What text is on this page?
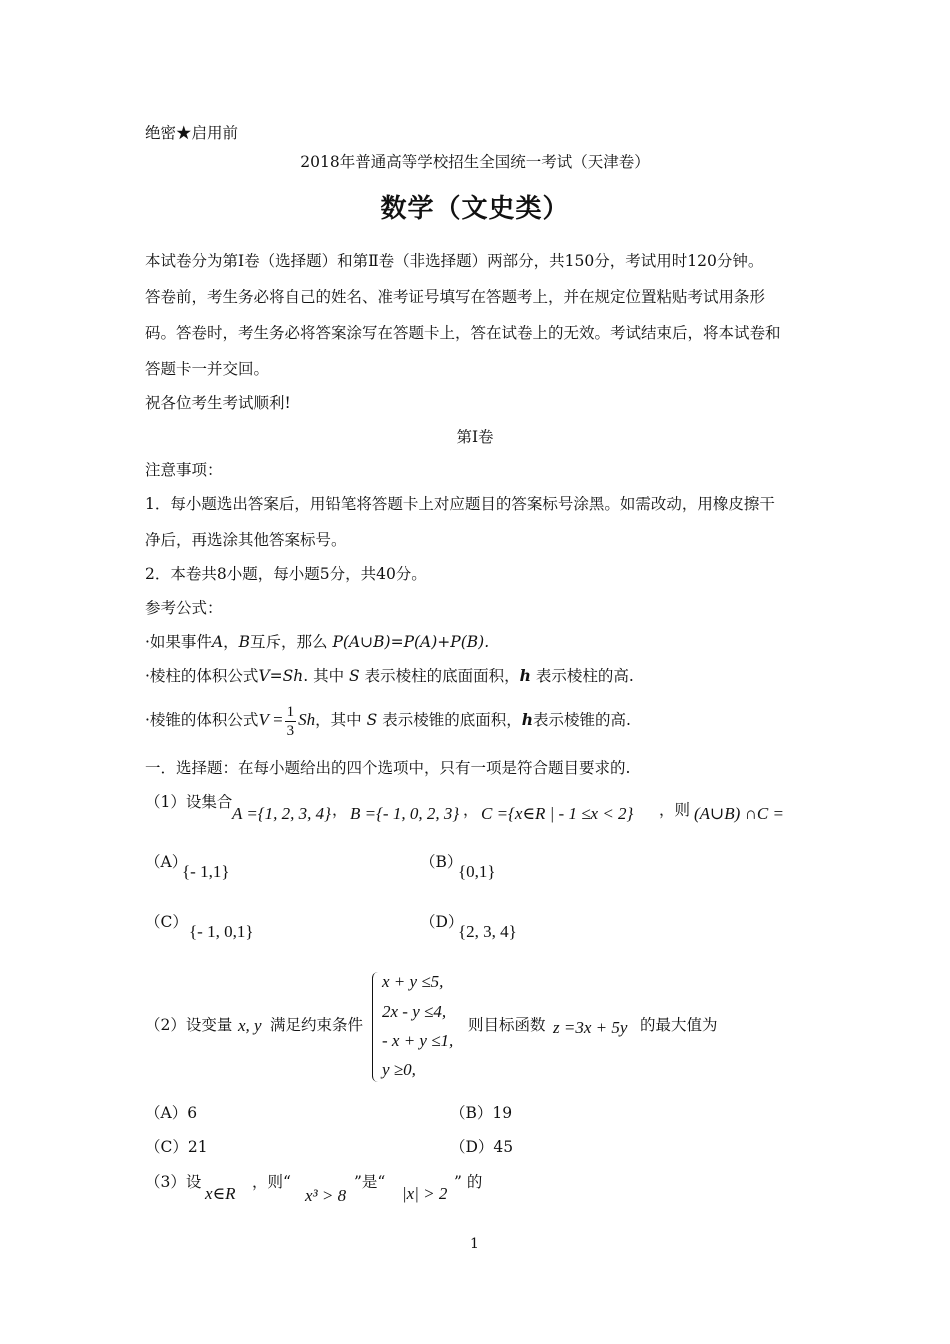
绝密★启用前
2018年普通高等学校招生全国统一考试（天津卷）
数学（文史类）
本试卷分为第Ⅰ卷（选择题）和第Ⅱ卷（非选择题）两部分，共150分，考试用时120分钟。
答卷前，考生务必将自己的姓名、准考证号填写在答题考上，并在规定位置粘贴考试用条形
码。答卷时，考生务必将答案涂写在答题卡上，答在试卷上的无效。考试结束后，将本试卷和
答题卡一并交回。
祝各位考生考试顺利!
第Ⅰ卷
注意事项：
1．每小题选出答案后，用铅笔将答题卡上对应题目的答案标号涂黑。如需改动，用橡皮擦干
净后，再选涂其他答案标号。
2．本卷共8小题，每小题5分，共40分。
参考公式：
·如果事件A，B互斥，那么 P(A∪B)=P(A)+P(B).
·棱柱的体积公式V=Sh. 其中 S 表示棱柱的底面面积，h 表示棱柱的高.
·棱锥的体积公式$V = \frac{1}{3}$ Sh，其中 S 表示棱锥的底面积，h表示棱锥的高.
一．选择题：在每小题给出的四个选项中，只有一项是符合题目要求的.
（1）设集合
A ={1, 2, 3, 4} ， B ={- 1, 0, 2, 3} ， C ={x∈R | - 1 ≤x < 2} ，则 (A∪B) ∩C =
（A）
{- 1,1}	（B）
{0,1}
（C） {- 1, 0,1}	（D）
{2, 3, 4}
（2）设变量 x, y 满足约束条件
x + y ≤5,
2x - y ≤4,
- x + y ≤1,
y ≥0,
则目标函数 z =3x + 5y 的最大值为
（A）6	（B）19
（C）21	（D）45
（3）设
x∈R
，则“
x³ > 8
”是“
|x| > 2
” 的
1
